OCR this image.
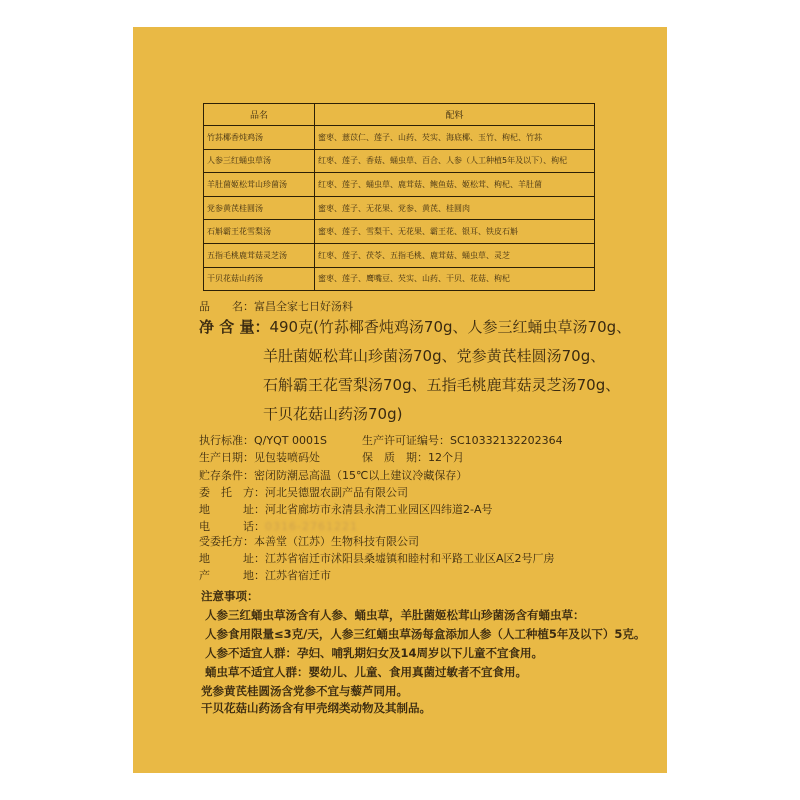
品名	配料
竹荪椰香炖鸡汤	蜜枣、薏苡仁、莲子、山药、芡实、海底椰、玉竹、枸杞、竹荪
人参三红蛹虫草汤	红枣、莲子、香菇、蛹虫草、百合、人参（人工种植5年及以下）、枸杞
羊肚菌姬松茸山珍菌汤	红枣、莲子、蛹虫草、鹿茸菇、鲍鱼菇、姬松茸、枸杞、羊肚菌
党参黄芪桂圆汤	蜜枣、莲子、无花果、党参、黄芪、桂圆肉
石斛霸王花雪梨汤	蜜枣、莲子、雪梨干、无花果、霸王花、银耳、铁皮石斛
五指毛桃鹿茸菇灵芝汤	红枣、莲子、茯苓、五指毛桃、鹿茸菇、蛹虫草、灵芝
干贝花菇山药汤	蜜枣、莲子、鹰嘴豆、芡实、山药、干贝、花菇、枸杞
品　　名：富昌全家七日好汤料
净 含 量：490克(竹荪椰香炖鸡汤70g、人参三红蛹虫草汤70g、
羊肚菌姬松茸山珍菌汤70g、党参黄芪桂圆汤70g、
石斛霸王花雪梨汤70g、五指毛桃鹿茸菇灵芝汤70g、
干贝花菇山药汤70g)
执行标准：Q/YQT 0001S	生产许可证编号：SC10332132202364
生产日期：见包装喷码处	保　质　期：12个月
贮存条件：密闭防潮忌高温（15℃以上建议冷藏保存）
委　托　方：河北吴德盟农副产品有限公司
地　　　址：河北省廊坊市永清县永清工业园区四纬道2-A号
电　　　话：0316-2761221
受委托方：本善堂（江苏）生物科技有限公司
地　　　址：江苏省宿迁市沭阳县桑墟镇和睦村和平路工业区A区2号厂房
产　　　地：江苏省宿迁市
注意事项：
人参三红蛹虫草汤含有人参、蛹虫草，羊肚菌姬松茸山珍菌汤含有蛹虫草：
人参食用限量≤3克/天，人参三红蛹虫草汤每盒添加人参（人工种植5年及以下）5克。
人参不适宜人群：孕妇、哺乳期妇女及14周岁以下儿童不宜食用。
蛹虫草不适宜人群：婴幼儿、儿童、食用真菌过敏者不宜食用。
党参黄芪桂圆汤含党参不宜与藜芦同用。
干贝花菇山药汤含有甲壳纲类动物及其制品。
